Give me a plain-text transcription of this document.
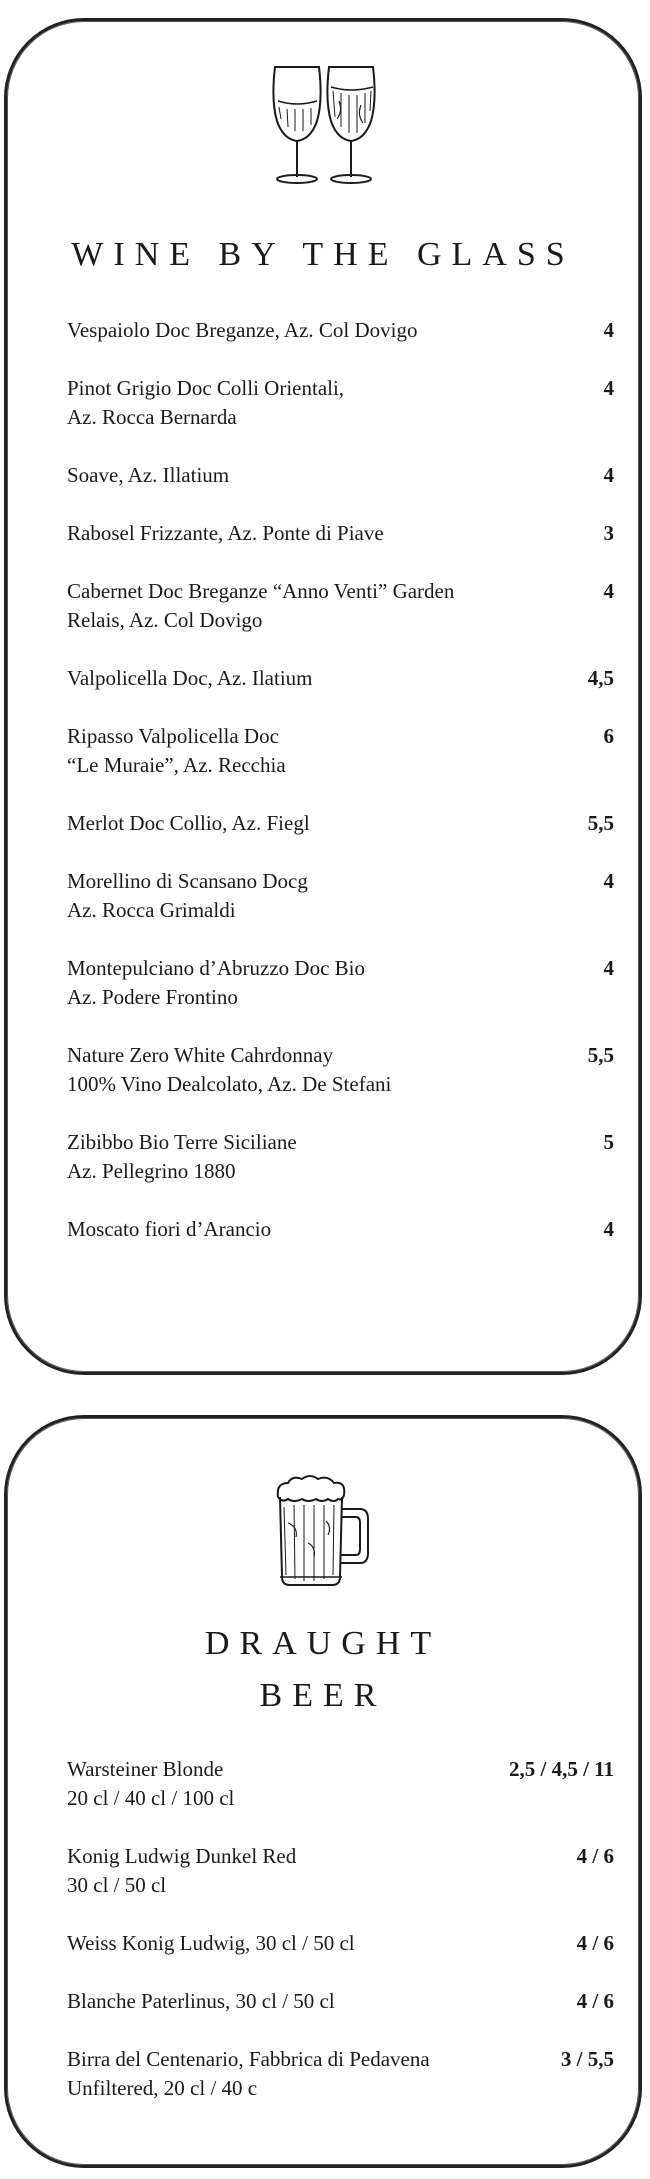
WINE BY THE GLASS
Vespaiolo Doc Breganze, Az. Col Dovigo	4
Pinot Grigio Doc Colli Orientali,
Az. Rocca Bernarda
4
Soave, Az. Illatium	4
Rabosel Frizzante, Az. Ponte di Piave	3
Cabernet Doc Breganze “Anno Venti” Garden
Relais, Az. Col Dovigo
4
Valpolicella Doc, Az. Ilatium	4,5
Ripasso Valpolicella Doc
“Le Muraie”, Az. Recchia
6
Merlot Doc Collio, Az. Fiegl	5,5
Morellino di Scansano Docg
Az. Rocca Grimaldi
4
Montepulciano d’Abruzzo Doc Bio
Az. Podere Frontino
4
Nature Zero White Cahrdonnay
100% Vino Dealcolato, Az. De Stefani
5,5
Zibibbo Bio Terre Siciliane
Az. Pellegrino 1880
5
Moscato fiori d’Arancio	4
DRAUGHT
BEER
Warsteiner Blonde
20 cl / 40 cl / 100 cl
2,5 / 4,5 / 11
Konig Ludwig Dunkel Red
30 cl / 50 cl
4 / 6
Weiss Konig Ludwig, 30 cl / 50 cl	4 / 6
Blanche Paterlinus, 30 cl / 50 cl	4 / 6
Birra del Centenario, Fabbrica di Pedavena
Unfiltered, 20 cl / 40 c
3 / 5,5
